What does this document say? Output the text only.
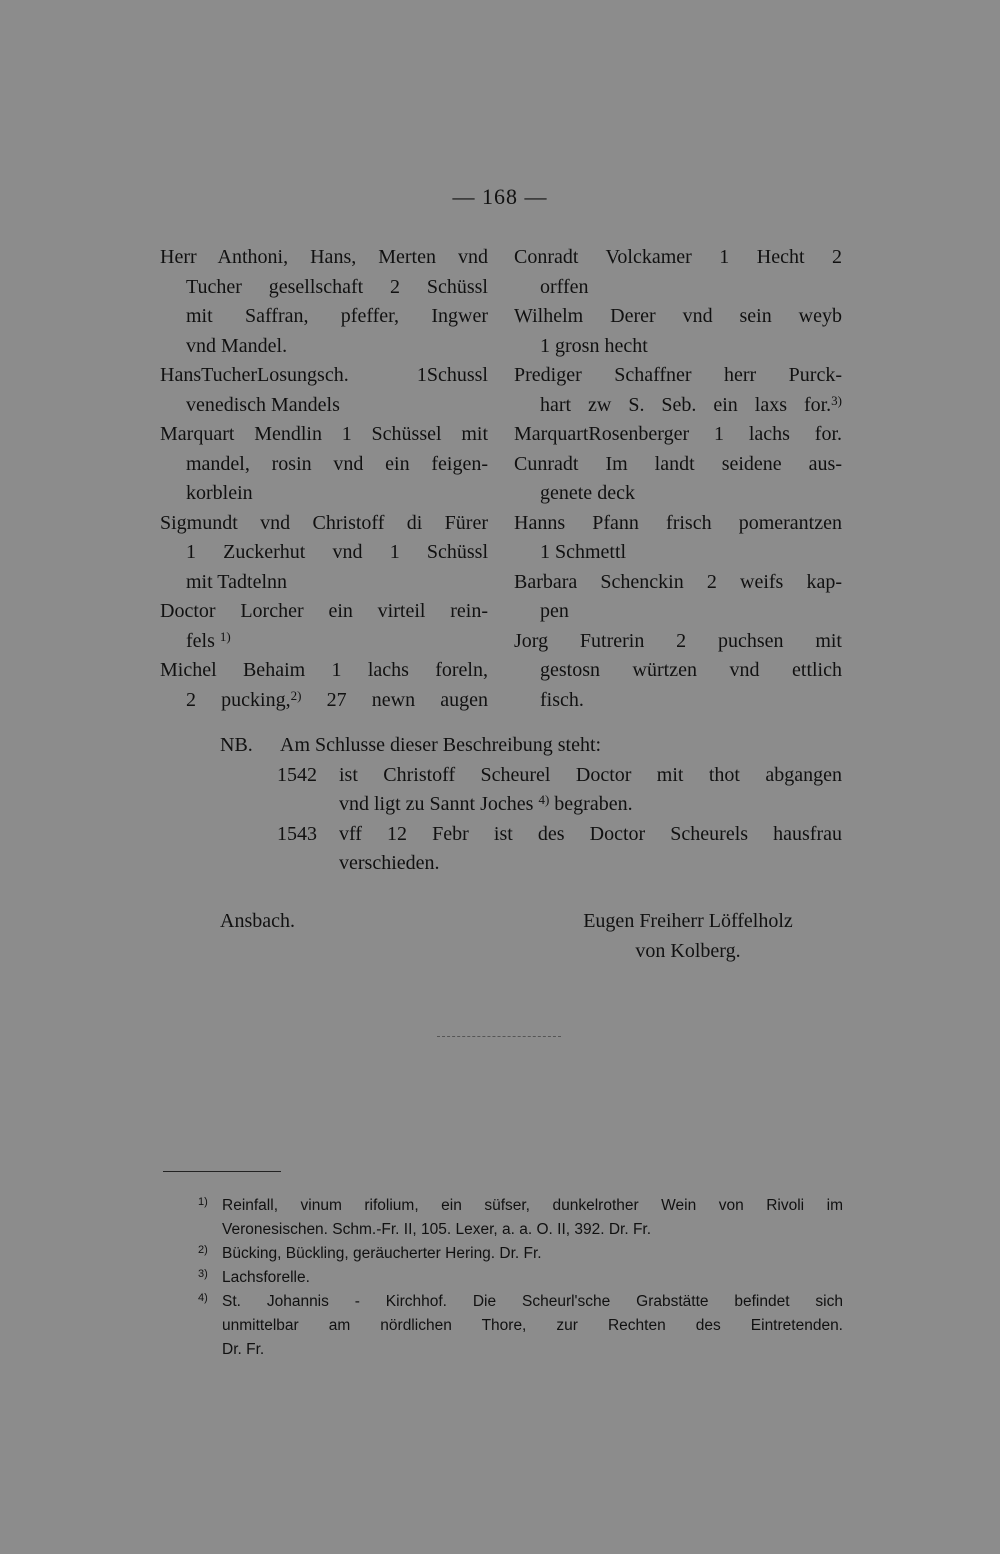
— 168 —
Herr Anthoni, Hans, Merten vnd
Tucher gesellschaft 2 Schüssl
mit Saffran, pfeffer, Ingwer
vnd Mandel.
HansTucherLosungsch. 1Schussl
venedisch Mandels
Marquart Mendlin 1 Schüssel mit
mandel, rosin vnd ein feigen-
korblein
Sigmundt vnd Christoff di Fürer
1 Zuckerhut vnd 1 Schüssl
mit Tadtelnn
Doctor Lorcher ein virteil rein-
fels $^{1)}$
Michel Behaim 1 lachs foreln,
2 pucking,$^{2)}$ 27 newn augen
Conradt Volckamer 1 Hecht 2
orffen
Wilhelm Derer vnd sein weyb
1 grosn hecht
Prediger Schaffner herr Purck-
hart zw S. Seb. ein laxs for.$^{3)}$
MarquartRosenberger 1 lachs for.
Cunradt Im landt seidene aus-
genete deck
Hanns Pfann frisch pomerantzen
1 Schmettl
Barbara Schenckin 2 weifs kap-
pen
Jorg Futrerin 2 puchsen mit
gestosn würtzen vnd ettlich
fisch.
NB.	Am Schlusse dieser Beschreibung steht:
1542	ist Christoff Scheurel Doctor mit thot abgangen
vnd ligt zu Sannt Joches $^{4)}$ begraben.
1543	vff 12 Febr ist des Doctor Scheurels hausfrau
verschieden.
Ansbach.	Eugen Freiherr Löffelholz
von Kolberg.
$^{1)}$ Reinfall, vinum rifolium, ein süfser, dunkelrother Wein von Rivoli im
Veronesischen. Schm.-Fr. II, 105. Lexer, a. a. O. II, 392. Dr. Fr.
$^{2)}$ Bücking, Bückling, geräucherter Hering. Dr. Fr.
$^{3)}$ Lachsforelle.
$^{4)}$ St. Johannis - Kirchhof. Die Scheurl'sche Grabstätte befindet sich
unmittelbar am nördlichen Thore, zur Rechten des Eintretenden.
Dr. Fr.
